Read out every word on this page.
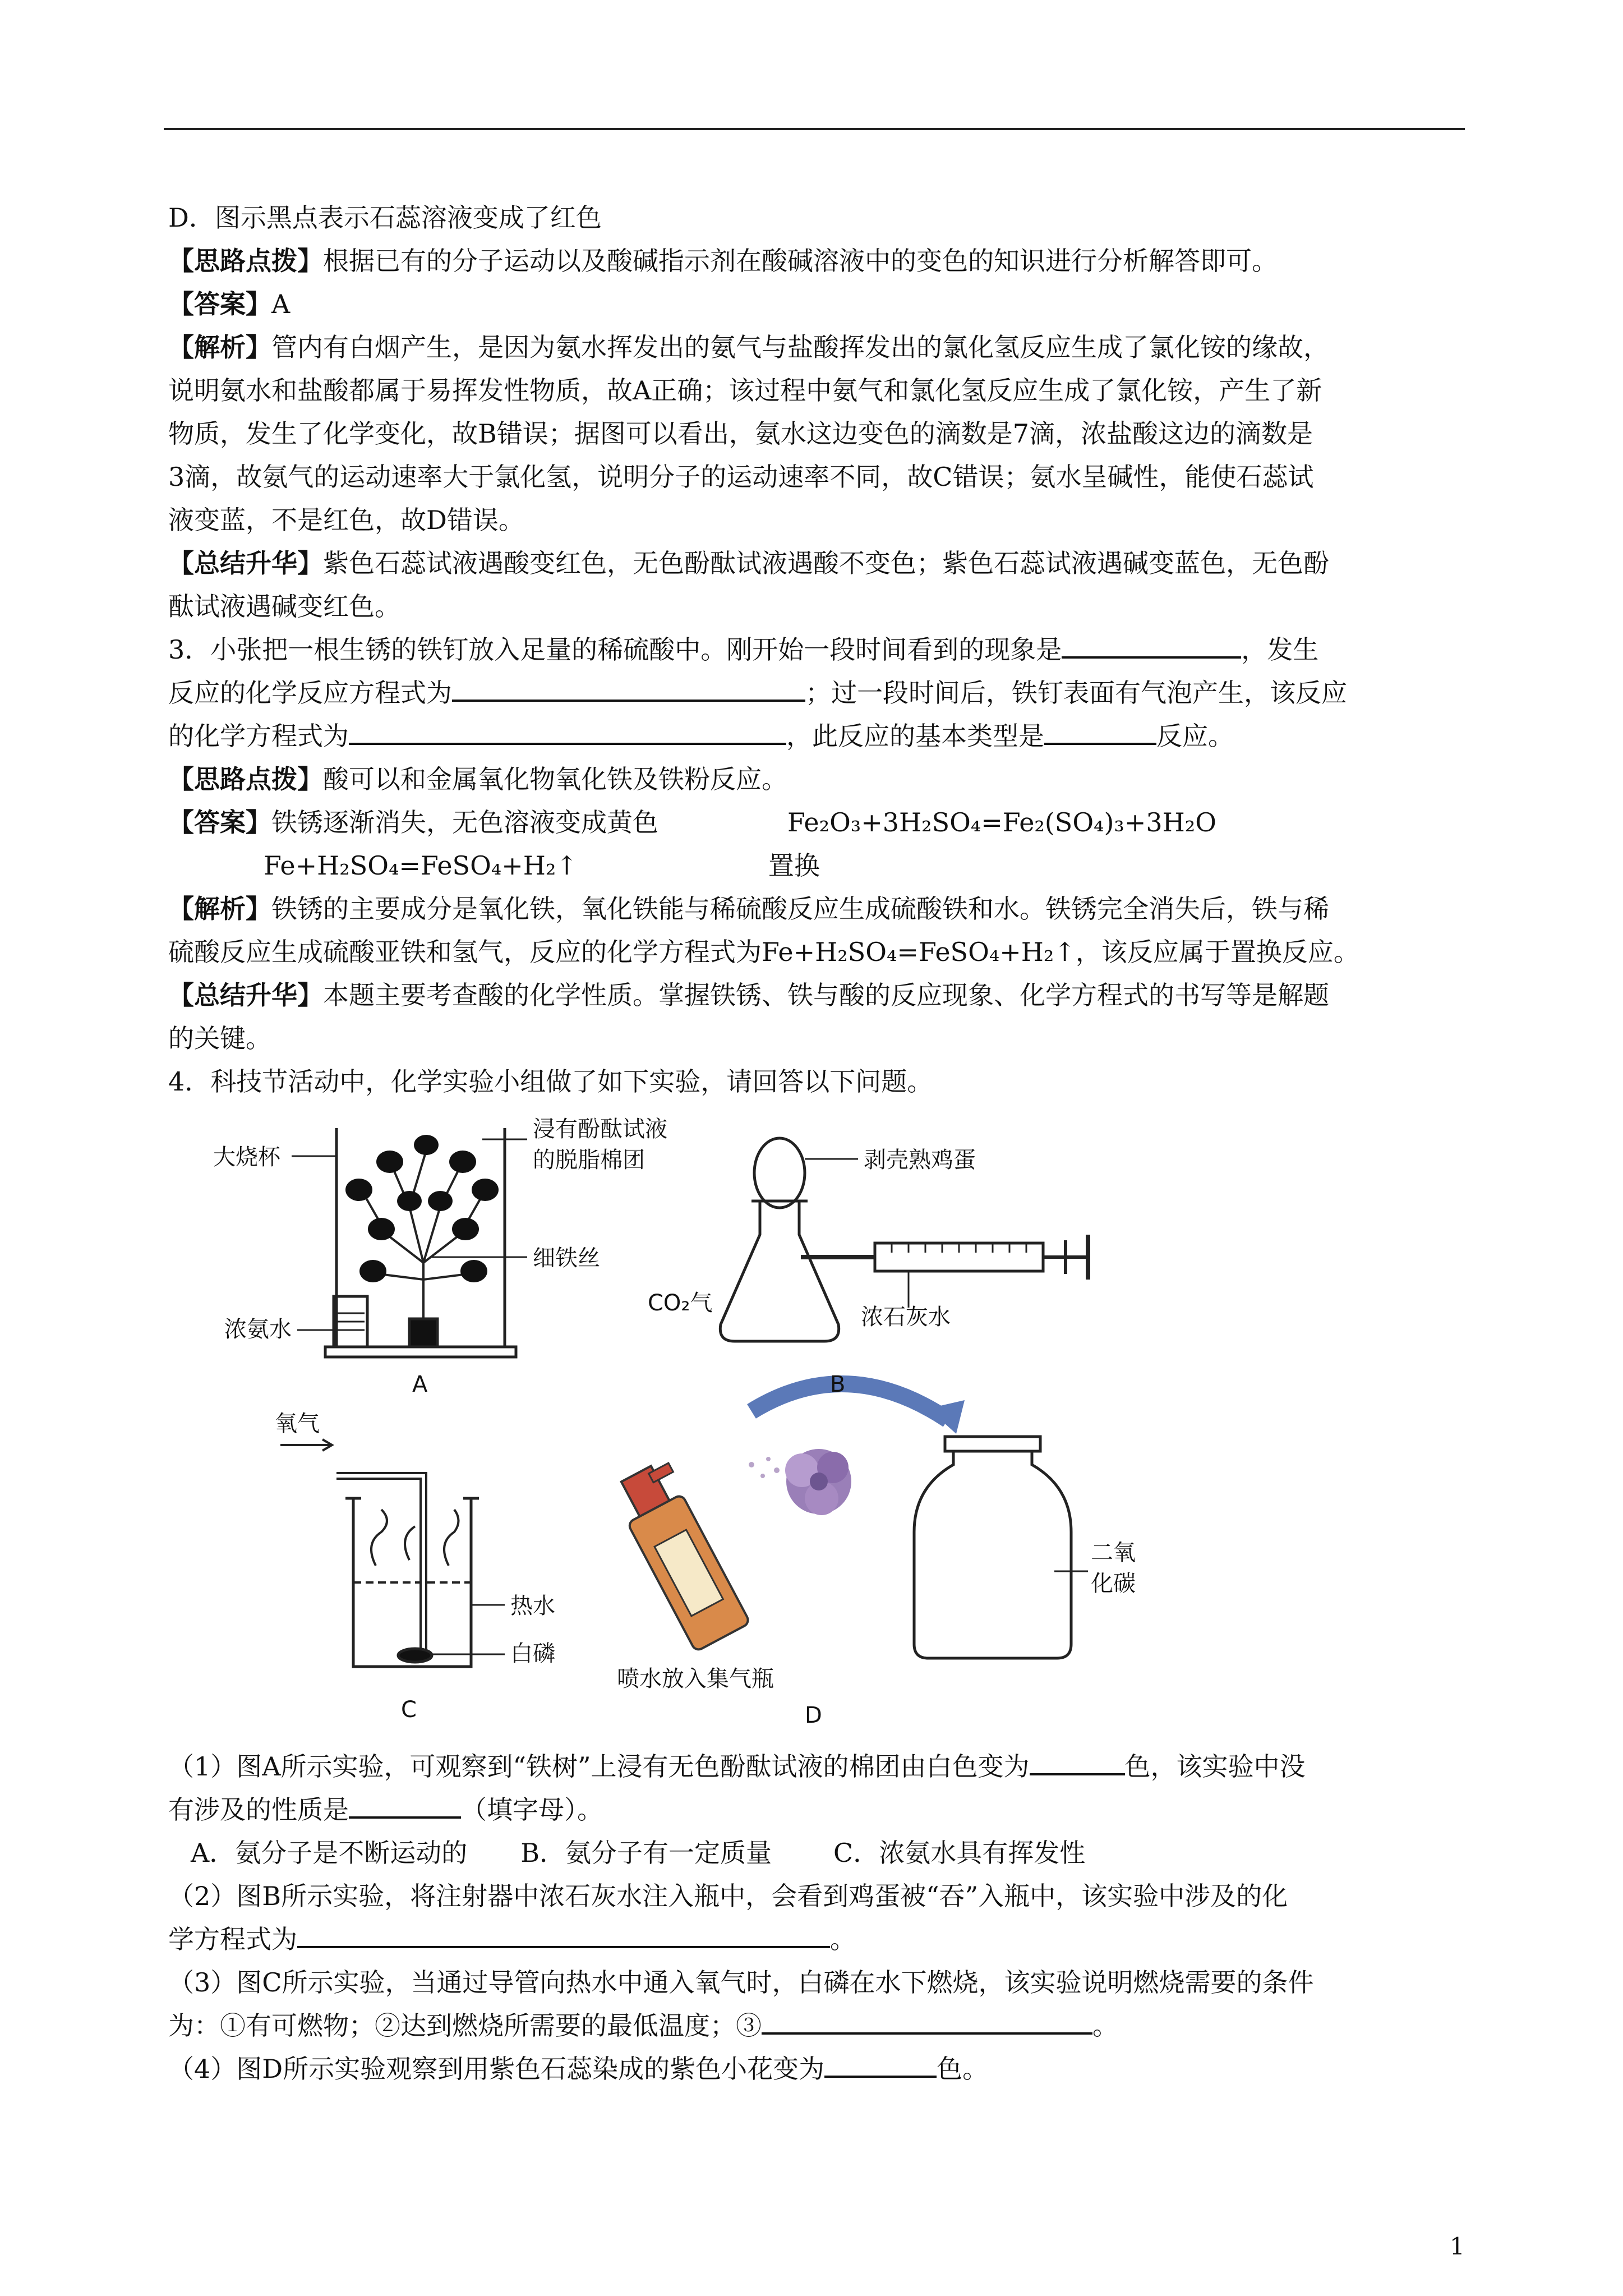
D．图示黑点表示石蕊溶液变成了红色

【思路点拨】根据已有的分子运动以及酸碱指示剂在酸碱溶液中的变色的知识进行分析解答即可。

【答案】A

【解析】管内有白烟产生，是因为氨水挥发出的氨气与盐酸挥发出的氯化氢反应生成了氯化铵的缘故，
说明氨水和盐酸都属于易挥发性物质，故A正确；该过程中氨气和氯化氢反应生成了氯化铵，产生了新
物质，发生了化学变化，故B错误；据图可以看出，氨水这边变色的滴数是7滴，浓盐酸这边的滴数是
3滴，故氨气的运动速率大于氯化氢，说明分子的运动速率不同，故C错误；氨水呈碱性，能使石蕊试
液变蓝，不是红色，故D错误。

【总结升华】紫色石蕊试液遇酸变红色，无色酚酞试液遇酸不变色；紫色石蕊试液遇碱变蓝色，无色酚
酞试液遇碱变红色。

3．小张把一根生锈的铁钉放入足量的稀硫酸中。刚开始一段时间看到的现象是	，发生
反应的化学反应方程式为	；过一段时间后，铁钉表面有气泡产生，该反应
的化学方程式为	，此反应的基本类型是	反应。

【思路点拨】酸可以和金属氧化物氧化铁及铁粉反应。

【答案】铁锈逐渐消失，无色溶液变成黄色	Fe₂O₃+3H₂SO₄=Fe₂(SO₄)₃+3H₂O
Fe+H₂SO₄=FeSO₄+H₂↑	置换

【解析】铁锈的主要成分是氧化铁，氧化铁能与稀硫酸反应生成硫酸铁和水。铁锈完全消失后，铁与稀
硫酸反应生成硫酸亚铁和氢气，反应的化学方程式为Fe+H₂SO₄=FeSO₄+H₂↑，该反应属于置换反应。

【总结升华】本题主要考查酸的化学性质。掌握铁锈、铁与酸的反应现象、化学方程式的书写等是解题
的关键。

4．科技节活动中，化学实验小组做了如下实验，请回答以下问题。

大烧杯
浸有酚酞试液
的脱脂棉团
细铁丝
浓氨水
A
剥壳熟鸡蛋
CO₂气
浓石灰水
B
氧气
热水
白磷
C
二氧
化碳
喷水放入集气瓶
D

（1）图A所示实验，可观察到“铁树”上浸有无色酚酞试液的棉团由白色变为	色，该实验中没
有涉及的性质是	（填字母）。

A．氨分子是不断运动的 B．氨分子有一定质量 C．浓氨水具有挥发性

（2）图B所示实验，将注射器中浓石灰水注入瓶中，会看到鸡蛋被“吞”入瓶中，该实验中涉及的化
学方程式为	。

（3）图C所示实验，当通过导管向热水中通入氧气时，白磷在水下燃烧，该实验说明燃烧需要的条件
为：①有可燃物；②达到燃烧所需要的最低温度；③	。

（4）图D所示实验观察到用紫色石蕊染成的紫色小花变为	色。

1
